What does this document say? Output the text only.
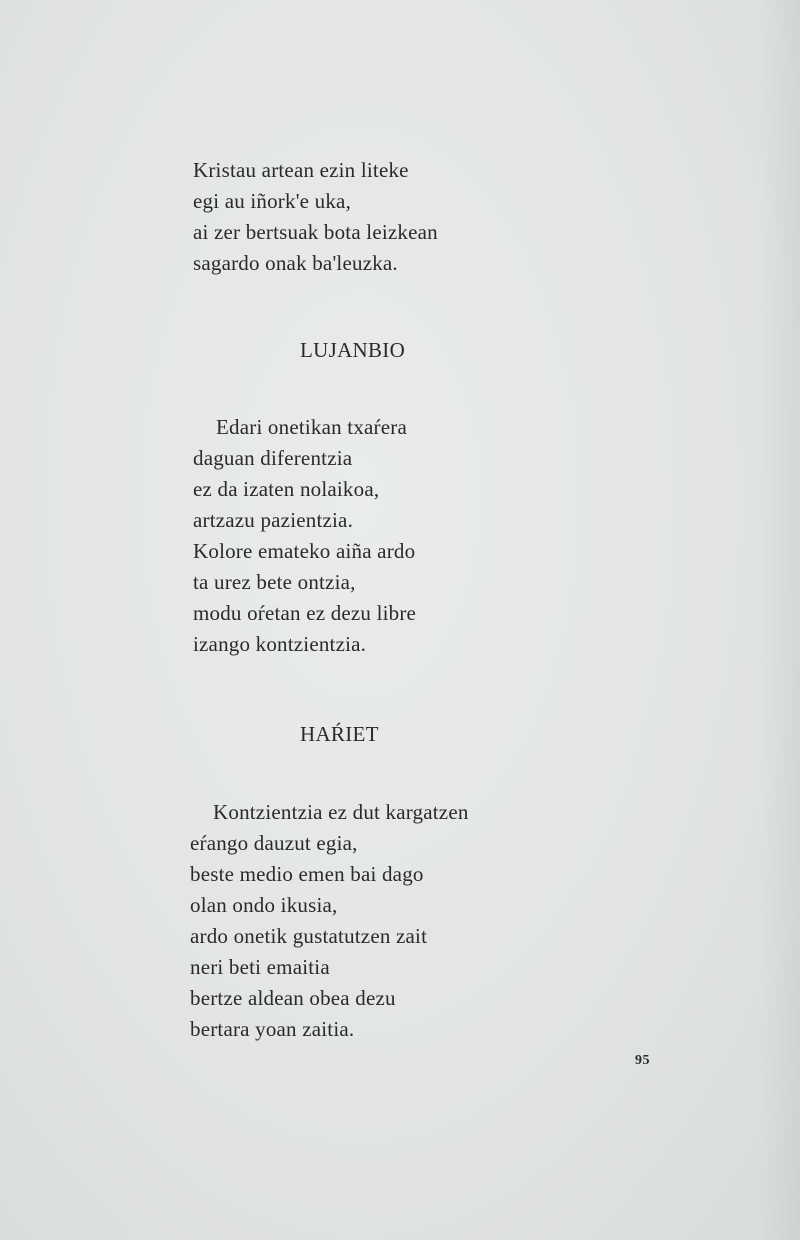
Kristau artean ezin liteke
egi au iñork'e uka,
ai zer bertsuak bota leizkean
sagardo onak ba'leuzka.
LUJANBIO
Edari onetikan txaŕera
daguan diferentzia
ez da izaten nolaikoa,
artzazu pazientzia.
Kolore emateko aiña ardo
ta urez bete ontzia,
modu oŕetan ez dezu libre
izango kontzientzia.
HAŔIET
Kontzientzia ez dut kargatzen
eŕango dauzut egia,
beste medio emen bai dago
olan ondo ikusia,
ardo onetik gustatutzen zait
neri beti emaitia
bertze aldean obea dezu
bertara yoan zaitia.
95
